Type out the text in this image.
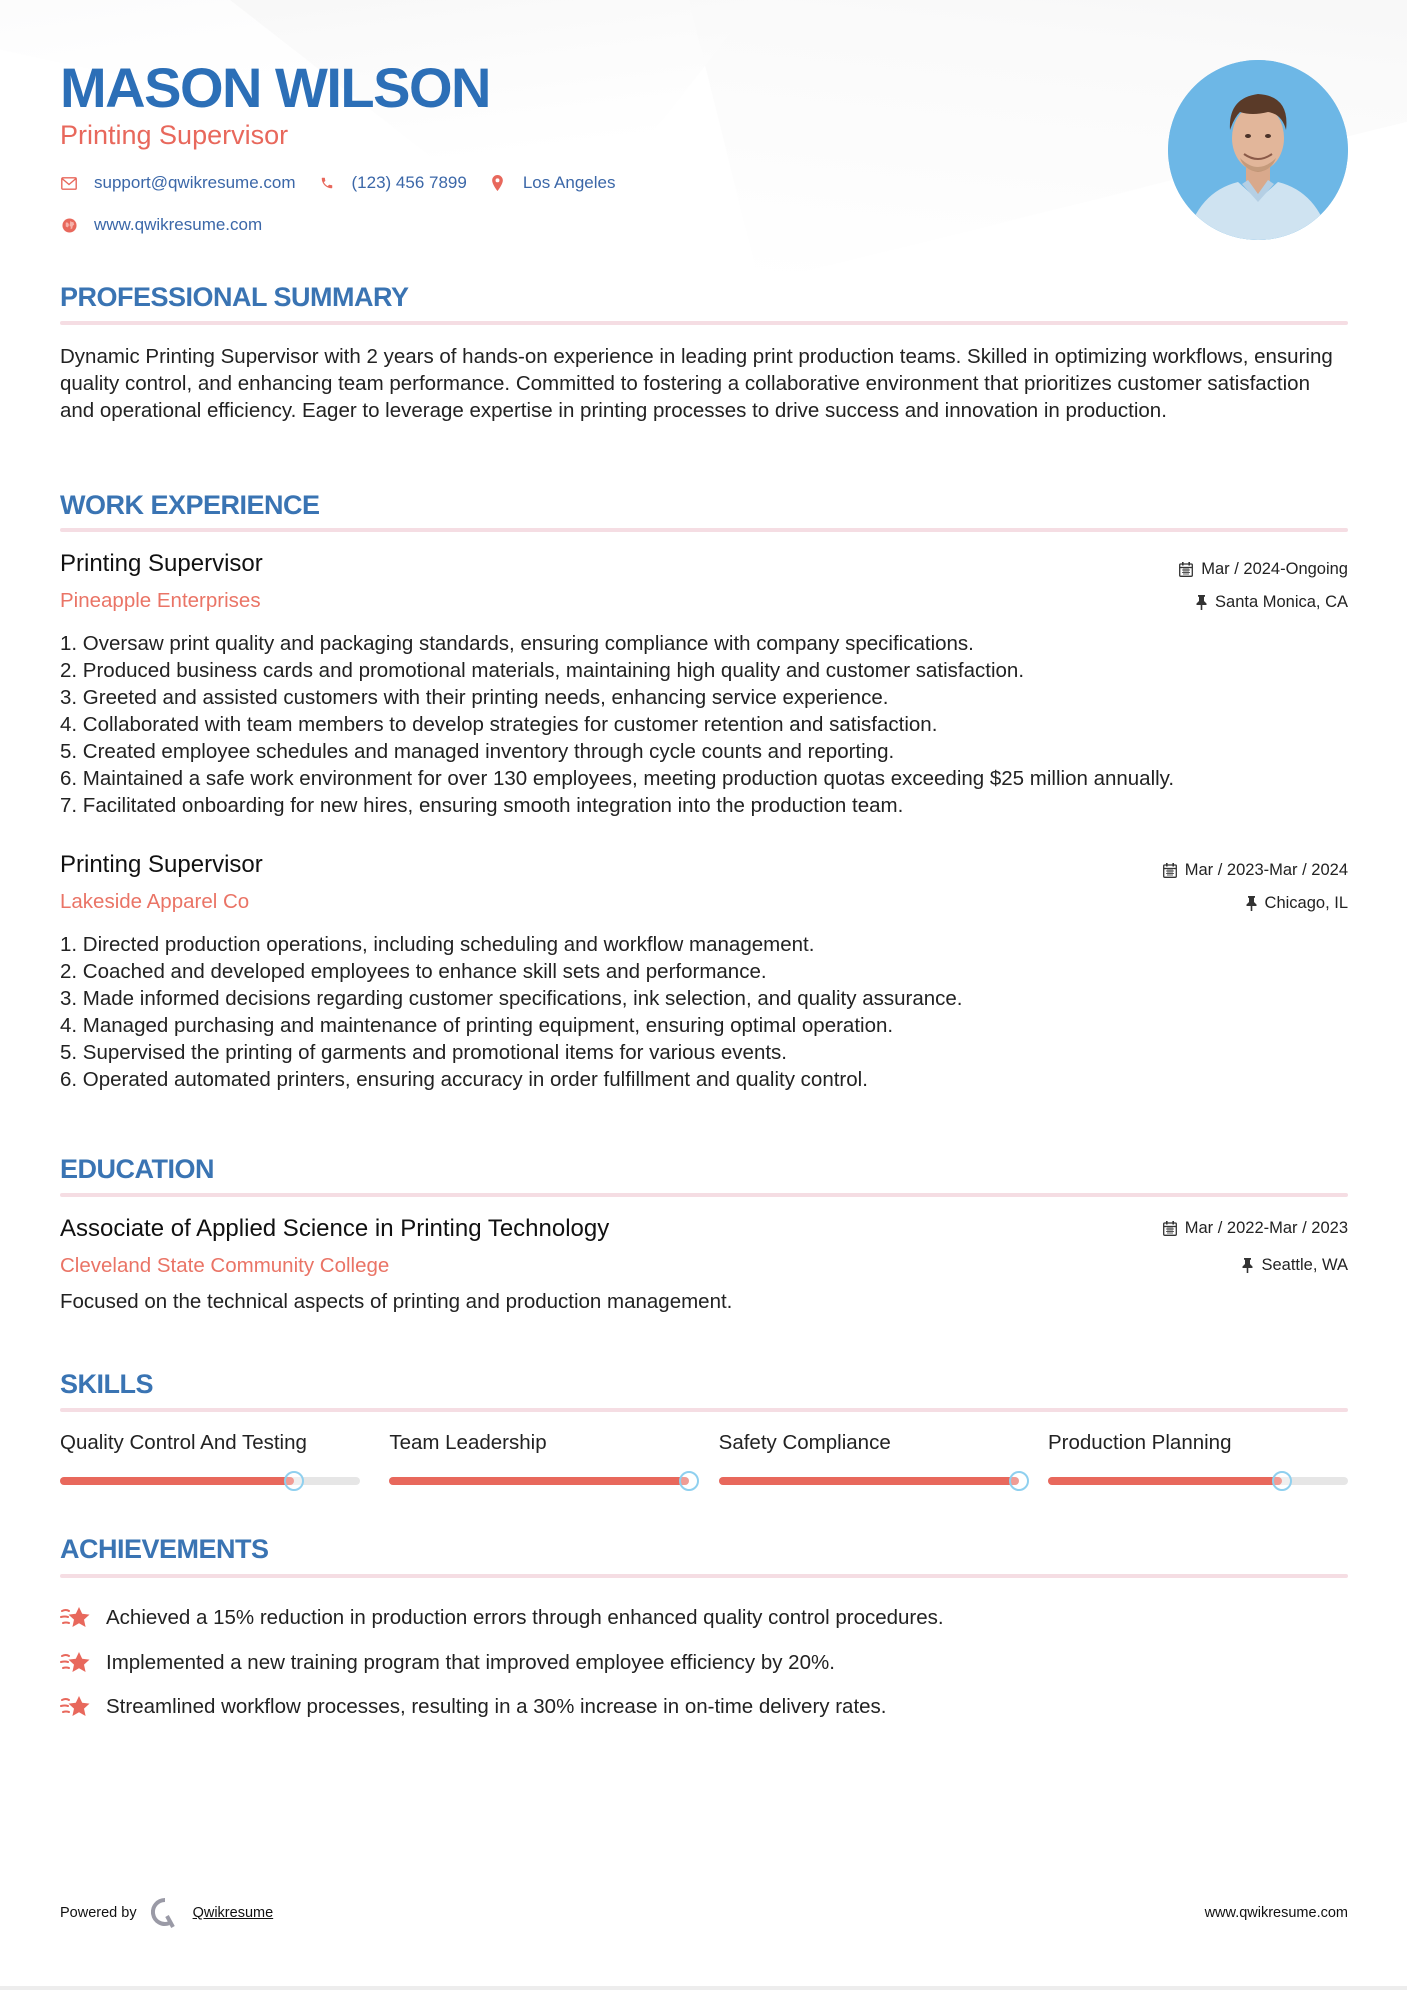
MASON WILSON
Printing Supervisor
support@qwikresume.com	(123) 456 7899	Los Angeles
www.qwikresume.com
PROFESSIONAL SUMMARY
Dynamic Printing Supervisor with 2 years of hands-on experience in leading print production teams. Skilled in optimizing workflows, ensuring quality control, and enhancing team performance. Committed to fostering a collaborative environment that prioritizes customer satisfaction and operational efficiency. Eager to leverage expertise in printing processes to drive success and innovation in production.
WORK EXPERIENCE
Printing Supervisor	Mar / 2024-Ongoing
Pineapple Enterprises	Santa Monica, CA
1. Oversaw print quality and packaging standards, ensuring compliance with company specifications.
2. Produced business cards and promotional materials, maintaining high quality and customer satisfaction.
3. Greeted and assisted customers with their printing needs, enhancing service experience.
4. Collaborated with team members to develop strategies for customer retention and satisfaction.
5. Created employee schedules and managed inventory through cycle counts and reporting.
6. Maintained a safe work environment for over 130 employees, meeting production quotas exceeding $25 million annually.
7. Facilitated onboarding for new hires, ensuring smooth integration into the production team.
Printing Supervisor	Mar / 2023-Mar / 2024
Lakeside Apparel Co	Chicago, IL
1. Directed production operations, including scheduling and workflow management.
2. Coached and developed employees to enhance skill sets and performance.
3. Made informed decisions regarding customer specifications, ink selection, and quality assurance.
4. Managed purchasing and maintenance of printing equipment, ensuring optimal operation.
5. Supervised the printing of garments and promotional items for various events.
6. Operated automated printers, ensuring accuracy in order fulfillment and quality control.
EDUCATION
Associate of Applied Science in Printing Technology	Mar / 2022-Mar / 2023
Cleveland State Community College	Seattle, WA
Focused on the technical aspects of printing and production management.
SKILLS
Quality Control And Testing	Team Leadership	Safety Compliance	Production Planning
ACHIEVEMENTS
Achieved a 15% reduction in production errors through enhanced quality control procedures.
Implemented a new training program that improved employee efficiency by 20%.
Streamlined workflow processes, resulting in a 30% increase in on-time delivery rates.
Powered by	Qwikresume	www.qwikresume.com
